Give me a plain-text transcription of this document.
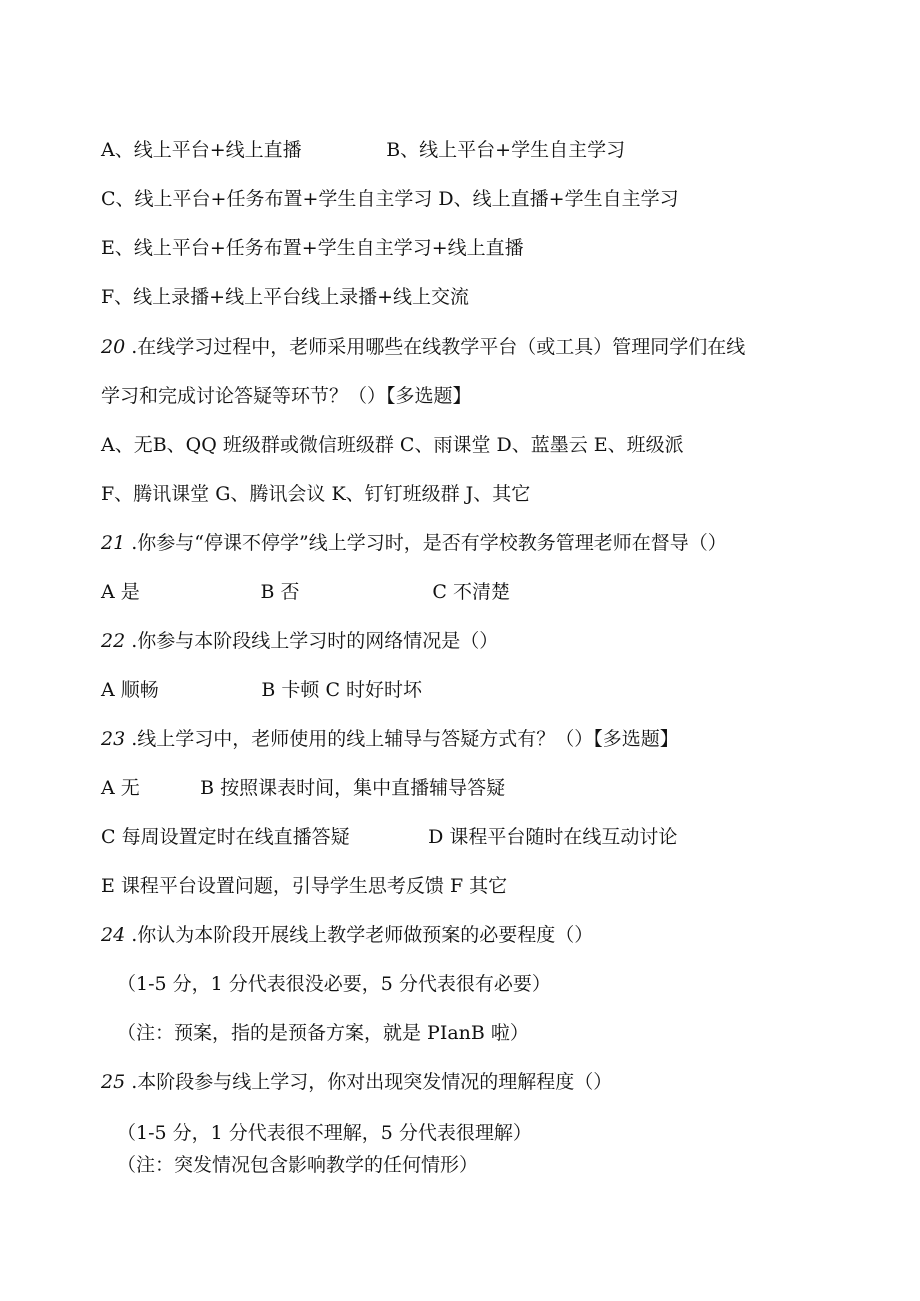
A、线上平台+线上直播              B、线上平台+学生自主学习

C、线上平台+任务布置+学生自主学习 D、线上直播+学生自主学习

E、线上平台+任务布置+学生自主学习+线上直播

F、线上录播+线上平台线上录播+线上交流

20 .在线学习过程中，老师采用哪些在线教学平台（或工具）管理同学们在线

学习和完成讨论答疑等环节？（）【多选题】

A、无B、QQ 班级群或微信班级群 C、雨课堂 D、蓝墨云 E、班级派

F、腾讯课堂 G、腾讯会议 K、钉钉班级群 J、其它

21 .你参与“停课不停学”线上学习时，是否有学校教务管理老师在督导（）

A 是                    B 否                      C 不清楚

22 .你参与本阶段线上学习时的网络情况是（）

A 顺畅                 B 卡顿 C 时好时坏

23 .线上学习中，老师使用的线上辅导与答疑方式有？（）【多选题】

A 无          B 按照课表时间，集中直播辅导答疑

C 每周设置定时在线直播答疑             D 课程平台随时在线互动讨论

E 课程平台设置问题，引导学生思考反馈 F 其它

24 .你认为本阶段开展线上教学老师做预案的必要程度（）

（1-5 分，1 分代表很没必要，5 分代表很有必要）

（注：预案，指的是预备方案，就是 PIanB 啦）

25 .本阶段参与线上学习，你对出现突发情况的理解程度（）

（1-5 分，1 分代表很不理解，5 分代表很理解）

（注：突发情况包含影响教学的任何情形）
